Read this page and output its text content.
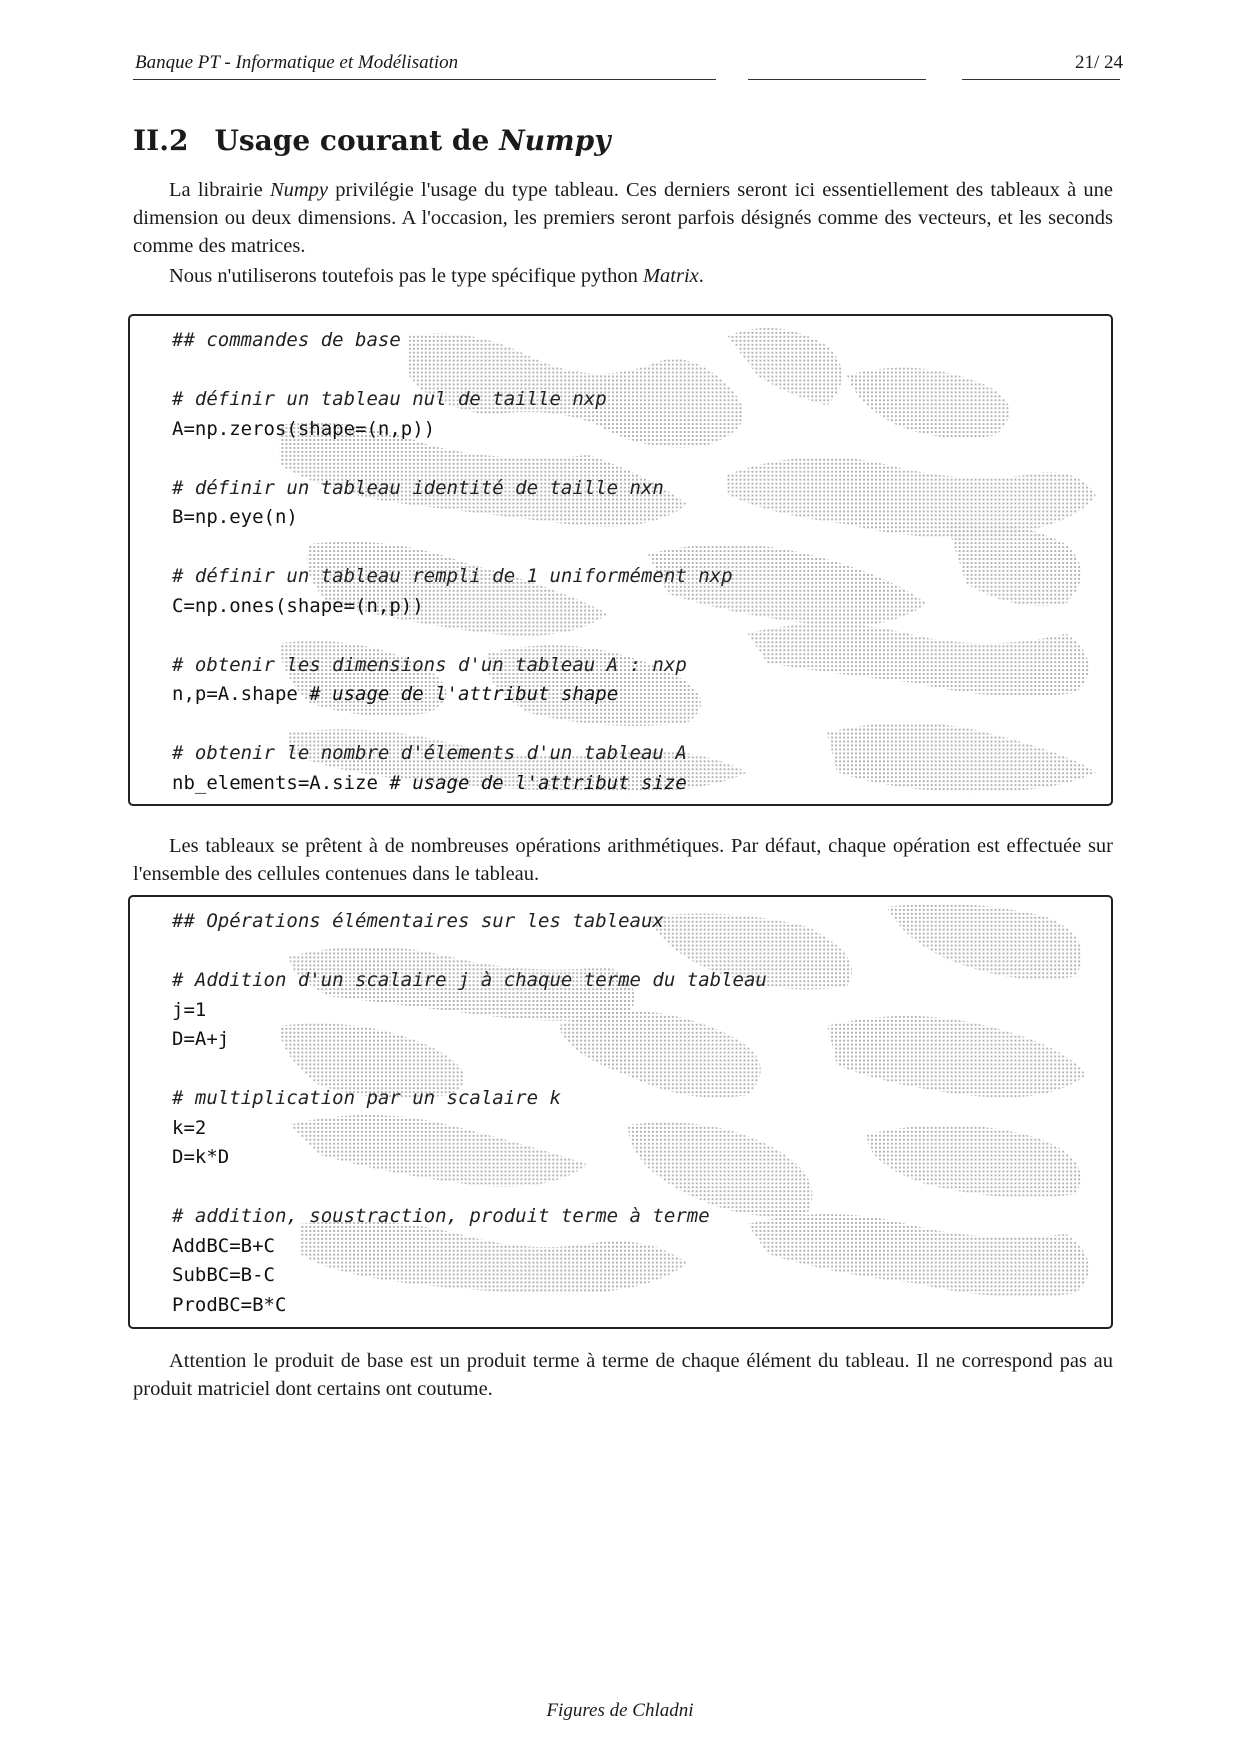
Banque PT - Informatique et Modélisation	21/ 24
II.2 Usage courant de Numpy
La librairie Numpy privilégie l'usage du type tableau. Ces derniers seront ici essentiellement des tableaux à une dimension ou deux dimensions. A l'occasion, les premiers seront parfois désignés comme des vecteurs, et les seconds comme des matrices.
Nous n'utiliserons toutefois pas le type spécifique python Matrix.
## commandes de base
# définir un tableau nul de taille nxp
A=np.zeros(shape=(n,p))
# définir un tableau identité de taille nxn
B=np.eye(n)
# définir un tableau rempli de 1 uniformément nxp
C=np.ones(shape=(n,p))
# obtenir les dimensions d'un tableau A : nxp
n,p=A.shape # usage de l'attribut shape
# obtenir le nombre d'élements d'un tableau A
nb_elements=A.size # usage de l'attribut size
Les tableaux se prêtent à de nombreuses opérations arithmétiques. Par défaut, chaque opération est effectuée sur l'ensemble des cellules contenues dans le tableau.
## Opérations élémentaires sur les tableaux
# Addition d'un scalaire j à chaque terme du tableau
j=1
D=A+j
# multiplication par un scalaire k
k=2
D=k*D
# addition, soustraction, produit terme à terme
AddBC=B+C
SubBC=B-C
ProdBC=B*C
Attention le produit de base est un produit terme à terme de chaque élément du tableau. Il ne correspond pas au produit matriciel dont certains ont coutume.
Figures de Chladni
